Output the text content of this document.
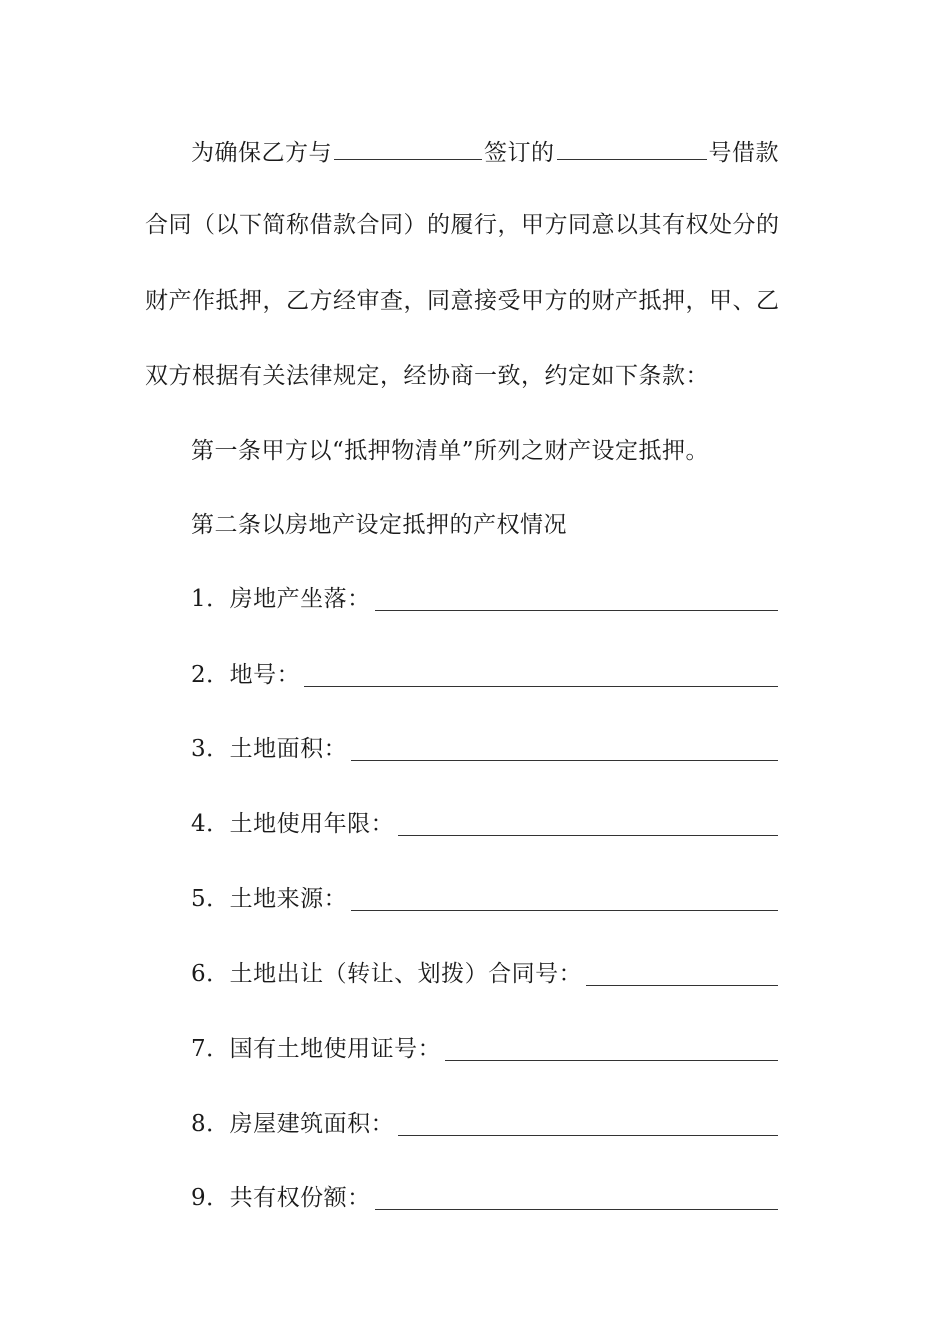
为确保乙方与	签订的	号借款
合同（以下简称借款合同）的履行，甲方同意以其有权处分的
财产作抵押，乙方经审查，同意接受甲方的财产抵押，甲、乙
双方根据有关法律规定，经协商一致，约定如下条款：
第一条甲方以“抵押物清单”所列之财产设定抵押。
第二条以房地产设定抵押的产权情况
1．房地产坐落：
2．地号：
3．土地面积：
4．土地使用年限：
5．土地来源：
6．土地出让（转让、划拨）合同号：
7．国有土地使用证号：
8．房屋建筑面积：
9．共有权份额：
